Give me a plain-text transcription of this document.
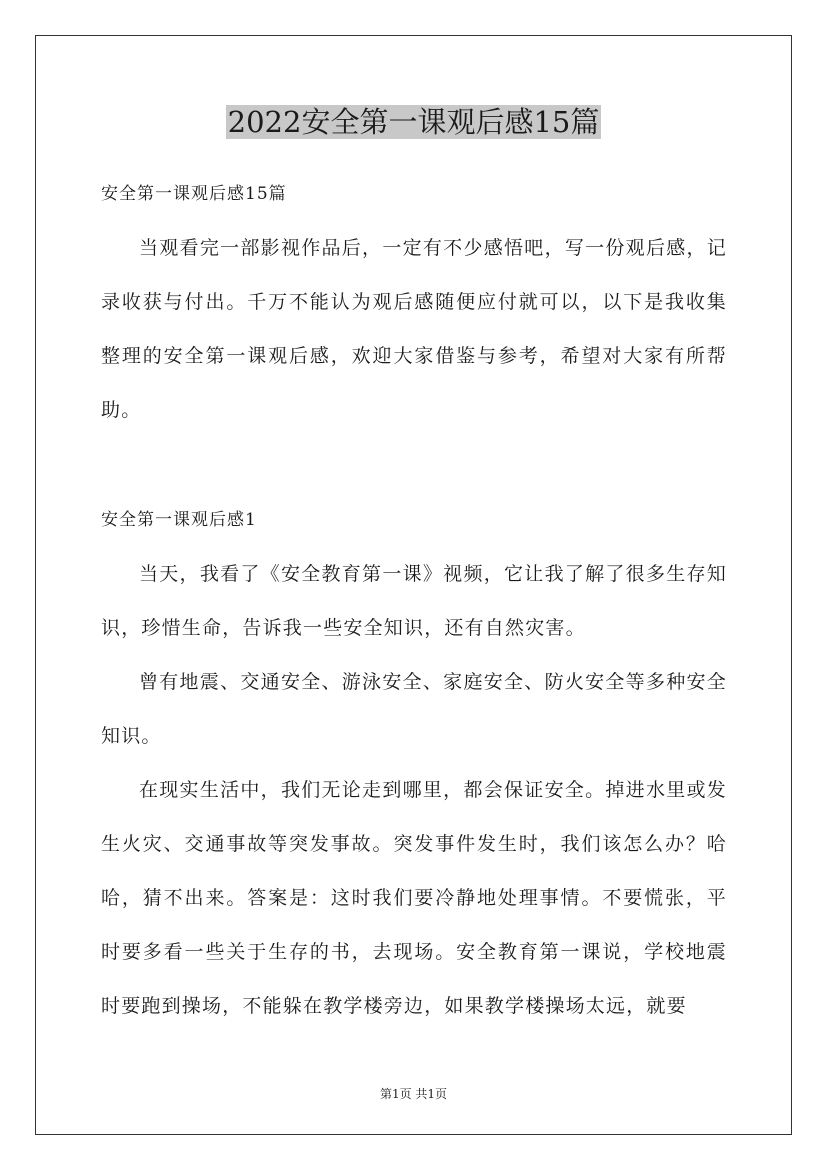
2022安全第一课观后感15篇
安全第一课观后感15篇

当观看完一部影视作品后，一定有不少感悟吧，写一份观后感，记录收获与付出。千万不能认为观后感随便应付就可以，以下是我收集整理的安全第一课观后感，欢迎大家借鉴与参考，希望对大家有所帮助。

安全第一课观后感1

当天，我看了《安全教育第一课》视频，它让我了解了很多生存知识，珍惜生命，告诉我一些安全知识，还有自然灾害。

曾有地震、交通安全、游泳安全、家庭安全、防火安全等多种安全知识。

在现实生活中，我们无论走到哪里，都会保证安全。掉进水里或发生火灾、交通事故等突发事故。突发事件发生时，我们该怎么办？哈哈，猜不出来。答案是：这时我们要冷静地处理事情。不要慌张，平时要多看一些关于生存的书，去现场。安全教育第一课说，学校地震时要跑到操场，不能躲在教学楼旁边，如果教学楼操场太远，就要

第1页 共1页
